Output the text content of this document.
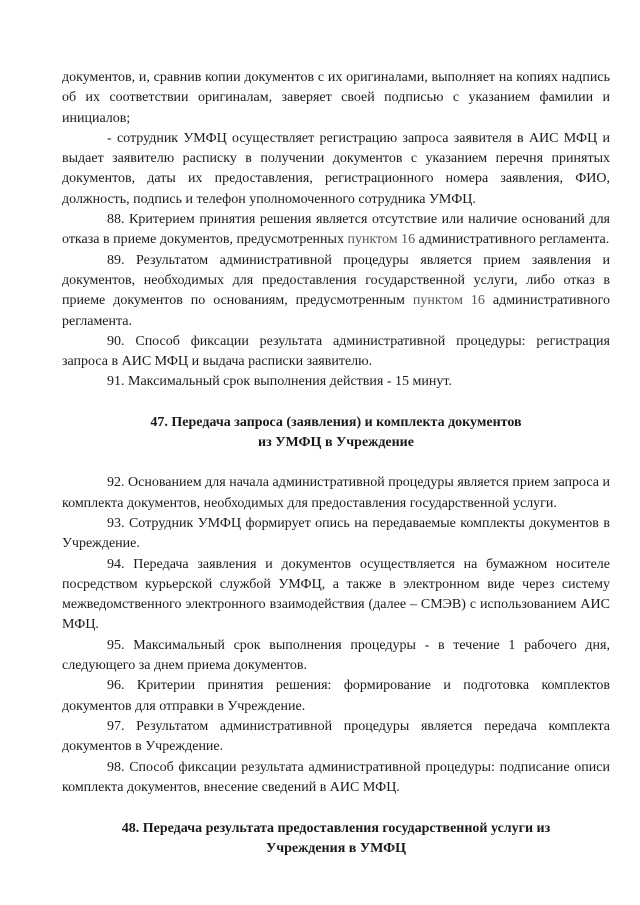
документов, и, сравнив копии документов с их оригиналами, выполняет на копиях надпись об их соответствии оригиналам, заверяет своей подписью с указанием фамилии и инициалов;

- сотрудник УМФЦ осуществляет регистрацию запроса заявителя в АИС МФЦ и выдает заявителю расписку в получении документов с указанием перечня принятых документов, даты их предоставления, регистрационного номера заявления, ФИО, должность, подпись и телефон уполномоченного сотрудника УМФЦ.

88. Критерием принятия решения является отсутствие или наличие оснований для отказа в приеме документов, предусмотренных пунктом 16 административного регламента.

89. Результатом административной процедуры является прием заявления и документов, необходимых для предоставления государственной услуги, либо отказ в приеме документов по основаниям, предусмотренным пунктом 16 административного регламента.

90. Способ фиксации результата административной процедуры: регистрация запроса в АИС МФЦ и выдача расписки заявителю.

91. Максимальный срок выполнения действия - 15 минут.

47. Передача запроса (заявления) и комплекта документов
из УМФЦ в Учреждение

92. Основанием для начала административной процедуры является прием запроса и комплекта документов, необходимых для предоставления государственной услуги.

93. Сотрудник УМФЦ формирует опись на передаваемые комплекты документов в Учреждение.

94. Передача заявления и документов осуществляется на бумажном носителе посредством курьерской службой УМФЦ, а также в электронном виде через систему межведомственного электронного взаимодействия (далее – СМЭВ) с использованием АИС МФЦ.

95. Максимальный срок выполнения процедуры - в течение 1 рабочего дня, следующего за днем приема документов.

96. Критерии принятия решения: формирование и подготовка комплектов документов для отправки в Учреждение.

97. Результатом административной процедуры является передача комплекта документов в Учреждение.

98. Способ фиксации результата административной процедуры: подписание описи комплекта документов, внесение сведений в АИС МФЦ.

48. Передача результата предоставления государственной услуги из
Учреждения в УМФЦ
